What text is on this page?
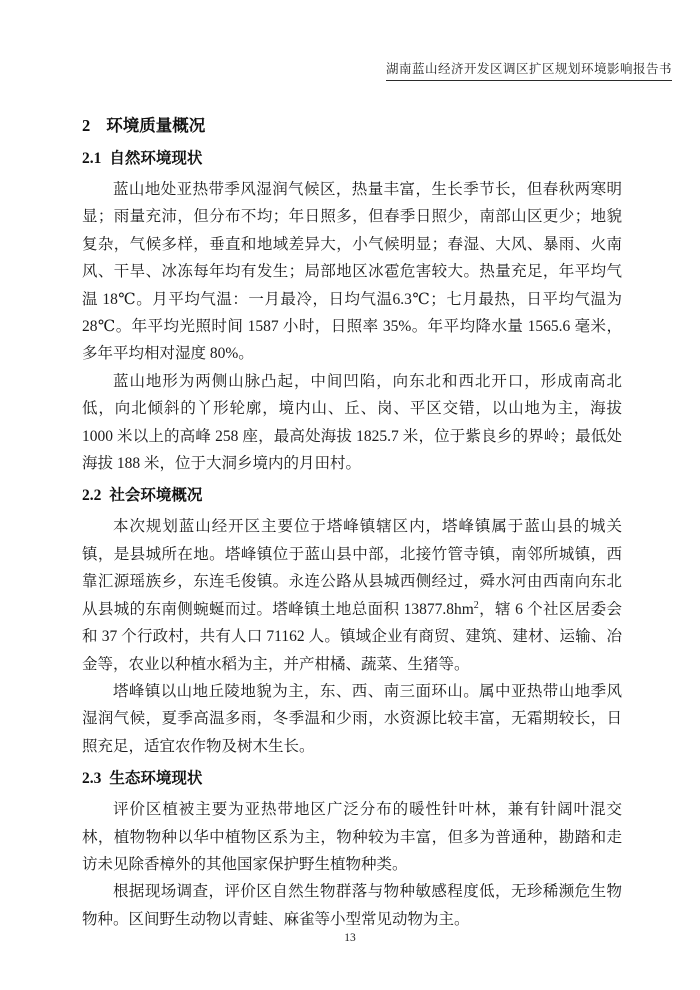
湖南蓝山经济开发区调区扩区规划环境影响报告书
2 环境质量概况
2.1 自然环境现状

蓝山地处亚热带季风湿润气候区，热量丰富，生长季节长，但春秋两寒明显；雨量充沛，但分布不均；年日照多，但春季日照少，南部山区更少；地貌复杂，气候多样，垂直和地域差异大，小气候明显；春湿、大风、暴雨、火南风、干旱、冰冻每年均有发生；局部地区冰雹危害较大。热量充足，年平均气温 18℃。月平均气温：一月最冷，日均气温6.3℃；七月最热，日平均气温为28℃。年平均光照时间 1587 小时，日照率 35%。年平均降水量 1565.6 毫米，多年平均相对湿度 80%。

蓝山地形为两侧山脉凸起，中间凹陷，向东北和西北开口，形成南高北低，向北倾斜的丫形轮廓，境内山、丘、岗、平区交错，以山地为主，海拔 1000 米以上的高峰 258 座，最高处海拔 1825.7 米，位于紫良乡的界岭；最低处海拔 188 米，位于大洞乡境内的月田村。

2.2 社会环境概况

本次规划蓝山经开区主要位于塔峰镇辖区内，塔峰镇属于蓝山县的城关镇，是县城所在地。塔峰镇位于蓝山县中部，北接竹管寺镇，南邻所城镇，西靠汇源瑶族乡，东连毛俊镇。永连公路从县城西侧经过，舜水河由西南向东北从县城的东南侧蜿蜒而过。塔峰镇土地总面积 $13877.8hm^2$，辖 6 个社区居委会和 37 个行政村，共有人口 71162 人。镇域企业有商贸、建筑、建材、运输、冶金等，农业以种植水稻为主，并产柑橘、蔬菜、生猪等。

塔峰镇以山地丘陵地貌为主，东、西、南三面环山。属中亚热带山地季风湿润气候，夏季高温多雨，冬季温和少雨，水资源比较丰富，无霜期较长，日照充足，适宜农作物及树木生长。

2.3 生态环境现状

评价区植被主要为亚热带地区广泛分布的暖性针叶林，兼有针阔叶混交林，植物物种以华中植物区系为主，物种较为丰富，但多为普通种，勘踏和走访未见除香樟外的其他国家保护野生植物种类。

根据现场调查，评价区自然生物群落与物种敏感程度低，无珍稀濒危生物物种。区间野生动物以青蛙、麻雀等小型常见动物为主。

13
